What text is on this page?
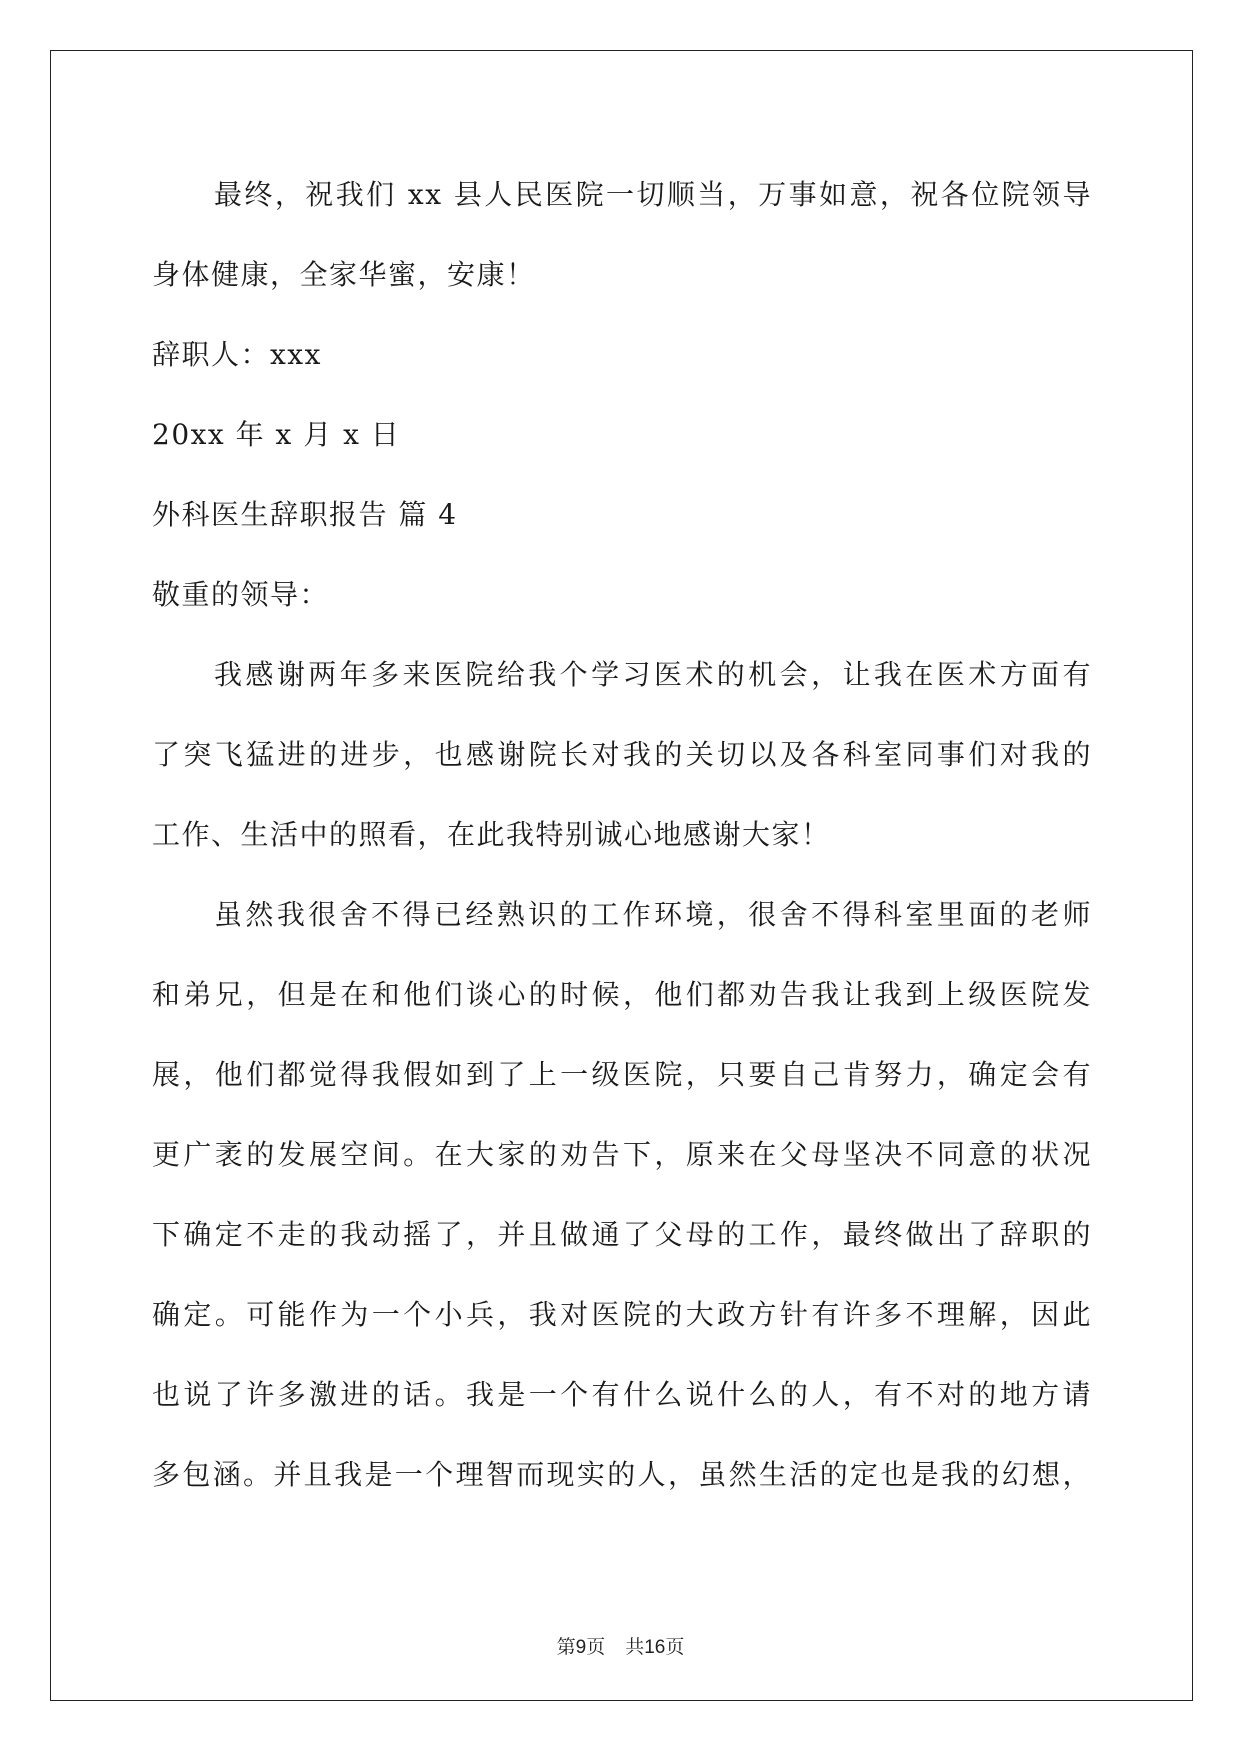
最终，祝我们 xx 县人民医院一切顺当，万事如意，祝各位院领导
身体健康，全家华蜜，安康！
辞职人：xxx
20xx 年 x 月 x 日
外科医生辞职报告 篇 4
敬重的领导：
我感谢两年多来医院给我个学习医术的机会，让我在医术方面有
了突飞猛进的进步，也感谢院长对我的关切以及各科室同事们对我的
工作、生活中的照看，在此我特别诚心地感谢大家！
虽然我很舍不得已经熟识的工作环境，很舍不得科室里面的老师
和弟兄，但是在和他们谈心的时候，他们都劝告我让我到上级医院发
展，他们都觉得我假如到了上一级医院，只要自己肯努力，确定会有
更广袤的发展空间。在大家的劝告下，原来在父母坚决不同意的状况
下确定不走的我动摇了，并且做通了父母的工作，最终做出了辞职的
确定。可能作为一个小兵，我对医院的大政方针有许多不理解，因此
也说了许多激进的话。我是一个有什么说什么的人，有不对的地方请
多包涵。并且我是一个理智而现实的人，虽然生活的定也是我的幻想，
第9页 共16页
